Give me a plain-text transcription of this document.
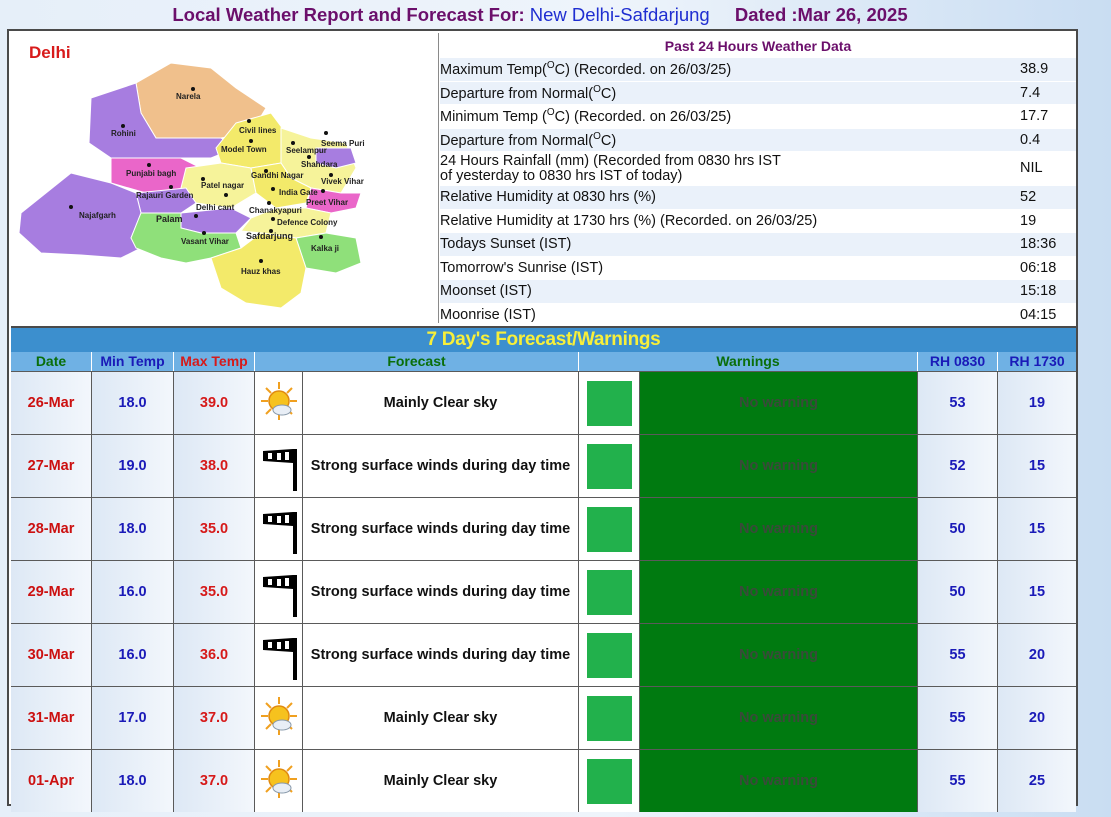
Local Weather Report and Forecast For: New Delhi-Safdarjung Dated :Mar 26, 2025
Delhi
Narela
Rohini	Civil lines
Seema Puri
Model Town Seelampur
Shahdara
Punjabi bagh
Vivek Vihar
Patel nagar
Gandhi Nagar
Rajauri Garden	India Gate
Preet Vihar
Najafgarh
Delhi cant Chanakyapuri
Palam	Defence Colony
Vasant Vihar
Safdarjung
Kalka ji
Hauz khas
Past 24 Hours Weather Data
Maximum Temp($^O$C) (Recorded. on 26/03/25)	38.9
Departure from Normal($^O$C)	7.4
Minimum Temp ($^O$C) (Recorded. on 26/03/25)	17.7
Departure from Normal($^O$C)	0.4
24 Hours Rainfall (mm) (Recorded from 0830 hrs IST
of yesterday to 0830 hrs IST of today)	NIL
Relative Humidity at 0830 hrs (%)	52
Relative Humidity at 1730 hrs (%) (Recorded. on 26/03/25)	19
Todays Sunset (IST)	18:36
Tomorrow's Sunrise (IST)	06:18
Moonset (IST)	15:18
Moonrise (IST)	04:15
7 Day's Forecast/Warnings
Date	Min Temp	Max Temp	Forecast	Warnings	RH 0830	RH 1730
26-Mar	18.0	39.0	Mainly Clear sky	No warning	53	19
27-Mar	19.0	38.0	Strong surface winds during day time	No warning	52	15
28-Mar	18.0	35.0	Strong surface winds during day time	No warning	50	15
29-Mar	16.0	35.0	Strong surface winds during day time	No warning	50	15
30-Mar	16.0	36.0	Strong surface winds during day time	No warning	55	20
31-Mar	17.0	37.0	Mainly Clear sky	No warning	55	20
01-Apr	18.0	37.0	Mainly Clear sky	No warning	55	25
